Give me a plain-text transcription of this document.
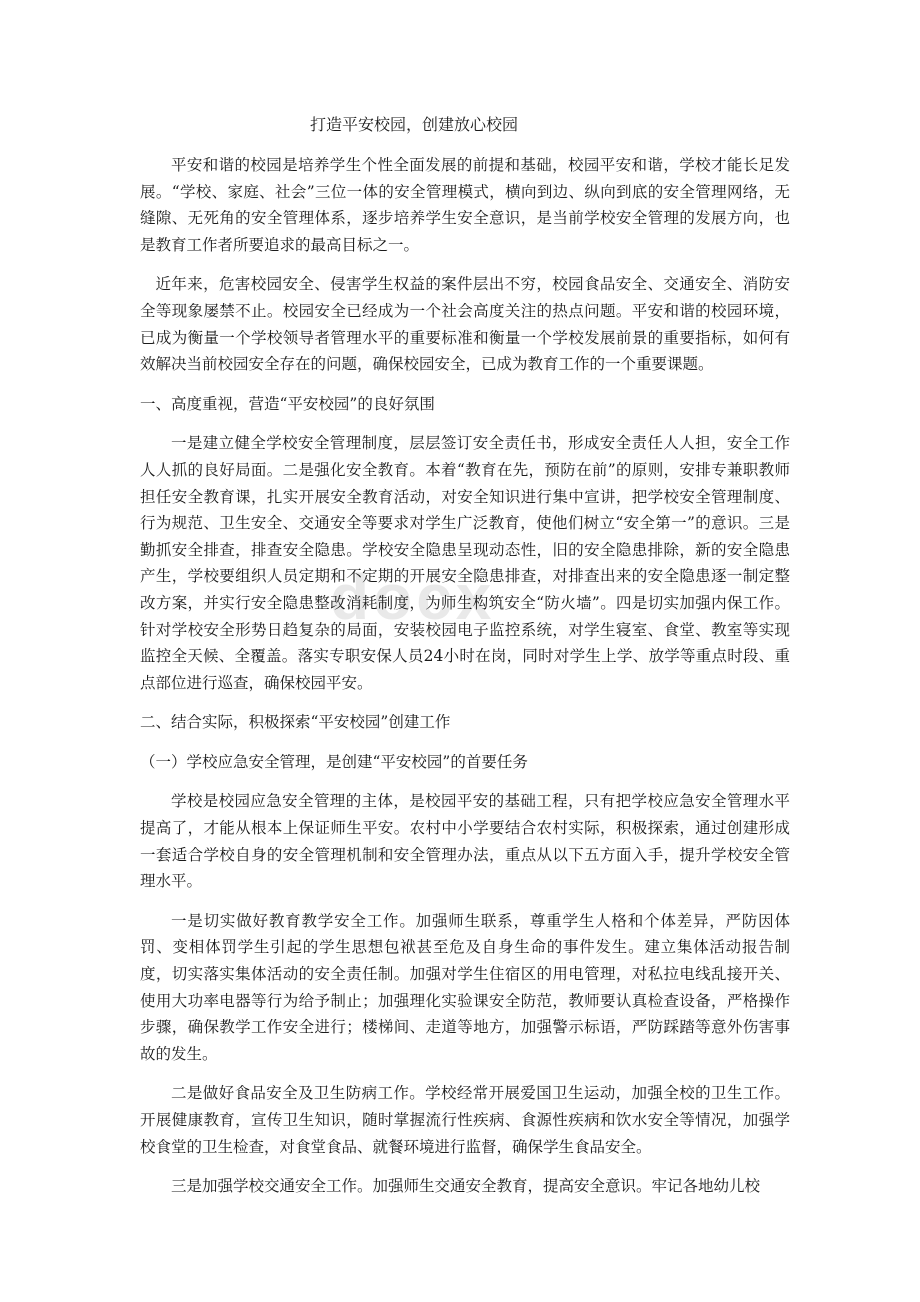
docx
打造平安校园，创建放心校园

平安和谐的校园是培养学生个性全面发展的前提和基础，校园平安和谐，学校才能长足发展。“学校、家庭、社会”三位一体的安全管理模式，横向到边、纵向到底的安全管理网络，无缝隙、无死角的安全管理体系，逐步培养学生安全意识，是当前学校安全管理的发展方向，也是教育工作者所要追求的最高目标之一。

近年来，危害校园安全、侵害学生权益的案件层出不穷，校园食品安全、交通安全、消防安全等现象屡禁不止。校园安全已经成为一个社会高度关注的热点问题。平安和谐的校园环境，已成为衡量一个学校领导者管理水平的重要标准和衡量一个学校发展前景的重要指标，如何有效解决当前校园安全存在的问题，确保校园安全，已成为教育工作的一个重要课题。

一、高度重视，营造“平安校园”的良好氛围

一是建立健全学校安全管理制度，层层签订安全责任书，形成安全责任人人担，安全工作人人抓的良好局面。二是强化安全教育。本着“教育在先，预防在前”的原则，安排专兼职教师担任安全教育课，扎实开展安全教育活动，对安全知识进行集中宣讲，把学校安全管理制度、行为规范、卫生安全、交通安全等要求对学生广泛教育，使他们树立“安全第一”的意识。三是勤抓安全排查，排查安全隐患。学校安全隐患呈现动态性，旧的安全隐患排除，新的安全隐患产生，学校要组织人员定期和不定期的开展安全隐患排查，对排查出来的安全隐患逐一制定整改方案，并实行安全隐患整改消耗制度，为师生构筑安全“防火墙”。四是切实加强内保工作。针对学校安全形势日趋复杂的局面，安装校园电子监控系统，对学生寝室、食堂、教室等实现监控全天候、全覆盖。落实专职安保人员24小时在岗，同时对学生上学、放学等重点时段、重点部位进行巡查，确保校园平安。

二、结合实际，积极探索“平安校园”创建工作

（一）学校应急安全管理，是创建“平安校园”的首要任务

学校是校园应急安全管理的主体，是校园平安的基础工程，只有把学校应急安全管理水平提高了，才能从根本上保证师生平安。农村中小学要结合农村实际，积极探索，通过创建形成一套适合学校自身的安全管理机制和安全管理办法，重点从以下五方面入手，提升学校安全管理水平。

一是切实做好教育教学安全工作。加强师生联系，尊重学生人格和个体差异，严防因体罚、变相体罚学生引起的学生思想包袱甚至危及自身生命的事件发生。建立集体活动报告制度，切实落实集体活动的安全责任制。加强对学生住宿区的用电管理，对私拉电线乱接开关、使用大功率电器等行为给予制止；加强理化实验课安全防范，教师要认真检查设备，严格操作步骤，确保教学工作安全进行；楼梯间、走道等地方，加强警示标语，严防踩踏等意外伤害事故的发生。

二是做好食品安全及卫生防病工作。学校经常开展爱国卫生运动，加强全校的卫生工作。开展健康教育，宣传卫生知识，随时掌握流行性疾病、食源性疾病和饮水安全等情况，加强学校食堂的卫生检查，对食堂食品、就餐环境进行监督，确保学生食品安全。

三是加强学校交通安全工作。加强师生交通安全教育，提高安全意识。牢记各地幼儿校
